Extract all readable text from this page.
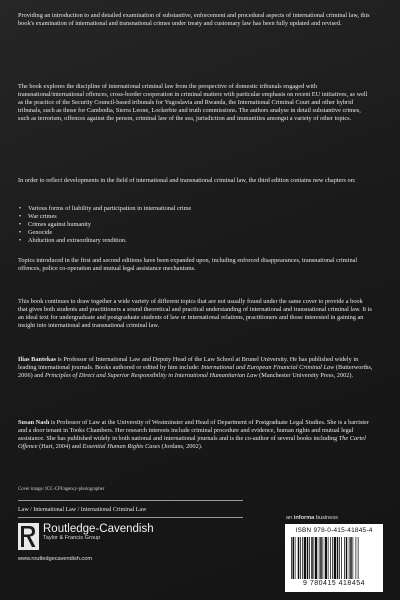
Providing an introduction to and detailed examination of substantive, enforcement and procedural aspects of international criminal law, this book's examination of international and transnational crimes under treaty and customary law has been fully updated and revised.

The book explores the discipline of international criminal law from the perspective of domestic tribunals engaged with transnational/international offences, cross-border cooperation in criminal matters with particular emphasis on recent EU initiatives, as well as the practice of the Security Council-based tribunals for Yugoslavia and Rwanda, the International Criminal Court and other hybrid tribunals, such as those for Cambodia, Sierra Leone, Lockerbie and truth commissions. The authors analyse in detail substantive crimes, such as terrorism, offences against the person, criminal law of the sea, jurisdiction and immunities amongst a variety of other topics.

In order to reflect developments in the field of international and transnational criminal law, the third edition contains new chapters on:

• Various forms of liability and participation in international crime
• War crimes
• Crimes against humanity
• Genocide
• Abduction and extraordinary rendition.

Topics introduced in the first and second editions have been expanded upon, including enforced disappearances, transnational criminal offences, police co-operation and mutual legal assistance mechanisms.

This book continues to draw together a wide variety of different topics that are not usually found under the same cover to provide a book that gives both students and practitioners a sound theoretical and practical understanding of international and transnational criminal law. It is an ideal text for undergraduate and postgraduate students of law or international relations, practitioners and those interested in gaining an insight into international and transnational criminal law.

Ilias Bantekas is Professor of International Law and Deputy Head of the Law School at Brunel University. He has published widely in leading international journals. Books authored or edited by him include: International and European Financial Criminal Law (Butterworths, 2006) and Principles of Direct and Superior Responsibility in International Humanitarian Law (Manchester University Press, 2002).

Susan Nash is Professor of Law at the University of Westminster and Head of Department of Postgraduate Legal Studies. She is a barrister and a door tenant in Tooks Chambers. Her research interests include criminal procedure and evidence, human rights and mutual legal assistance. She has published widely in both national and international journals and is the co-author of several books including The Cartel Offence (Hart, 2004) and Essential Human Rights Cases (Jordans, 2002).

Cover image: ICC-CPI/agency-photographer
Law / International Law / International Criminal Law
Routledge-Cavendish
Taylor & Francis Group
www.routledgecavendish.com
an informa business
ISBN 978-0-415-41845-4
9 780415 418454
